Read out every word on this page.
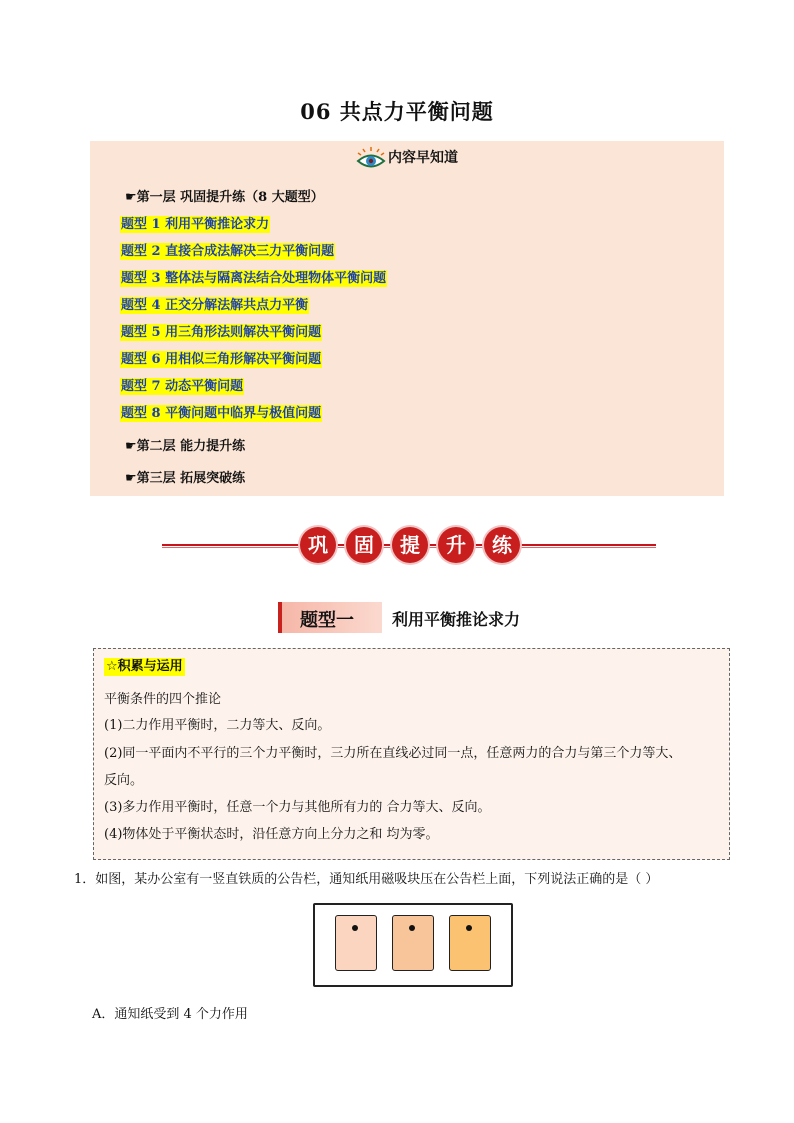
06 共点力平衡问题
内容早知道
☛第一层 巩固提升练（8 大题型）
题型 1 利用平衡推论求力
题型 2 直接合成法解决三力平衡问题
题型 3 整体法与隔离法结合处理物体平衡问题
题型 4 正交分解法解共点力平衡
题型 5 用三角形法则解决平衡问题
题型 6 用相似三角形解决平衡问题
题型 7 动态平衡问题
题型 8 平衡问题中临界与极值问题
☛第二层 能力提升练
☛第三层 拓展突破练
巩	固	提	升	练
题型一 利用平衡推论求力
☆积累与运用
平衡条件的四个推论
(1)二力作用平衡时，二力等大、反向。
(2)同一平面内不平行的三个力平衡时，三力所在直线必过同一点，任意两力的合力与第三个力等大、
反向。
(3)多力作用平衡时，任意一个力与其他所有力的 合力等大、反向。
(4)物体处于平衡状态时，沿任意方向上分力之和 均为零。
1．如图，某办公室有一竖直铁质的公告栏，通知纸用磁吸块压在公告栏上面，下列说法正确的是（ ）
A．通知纸受到 4 个力作用
